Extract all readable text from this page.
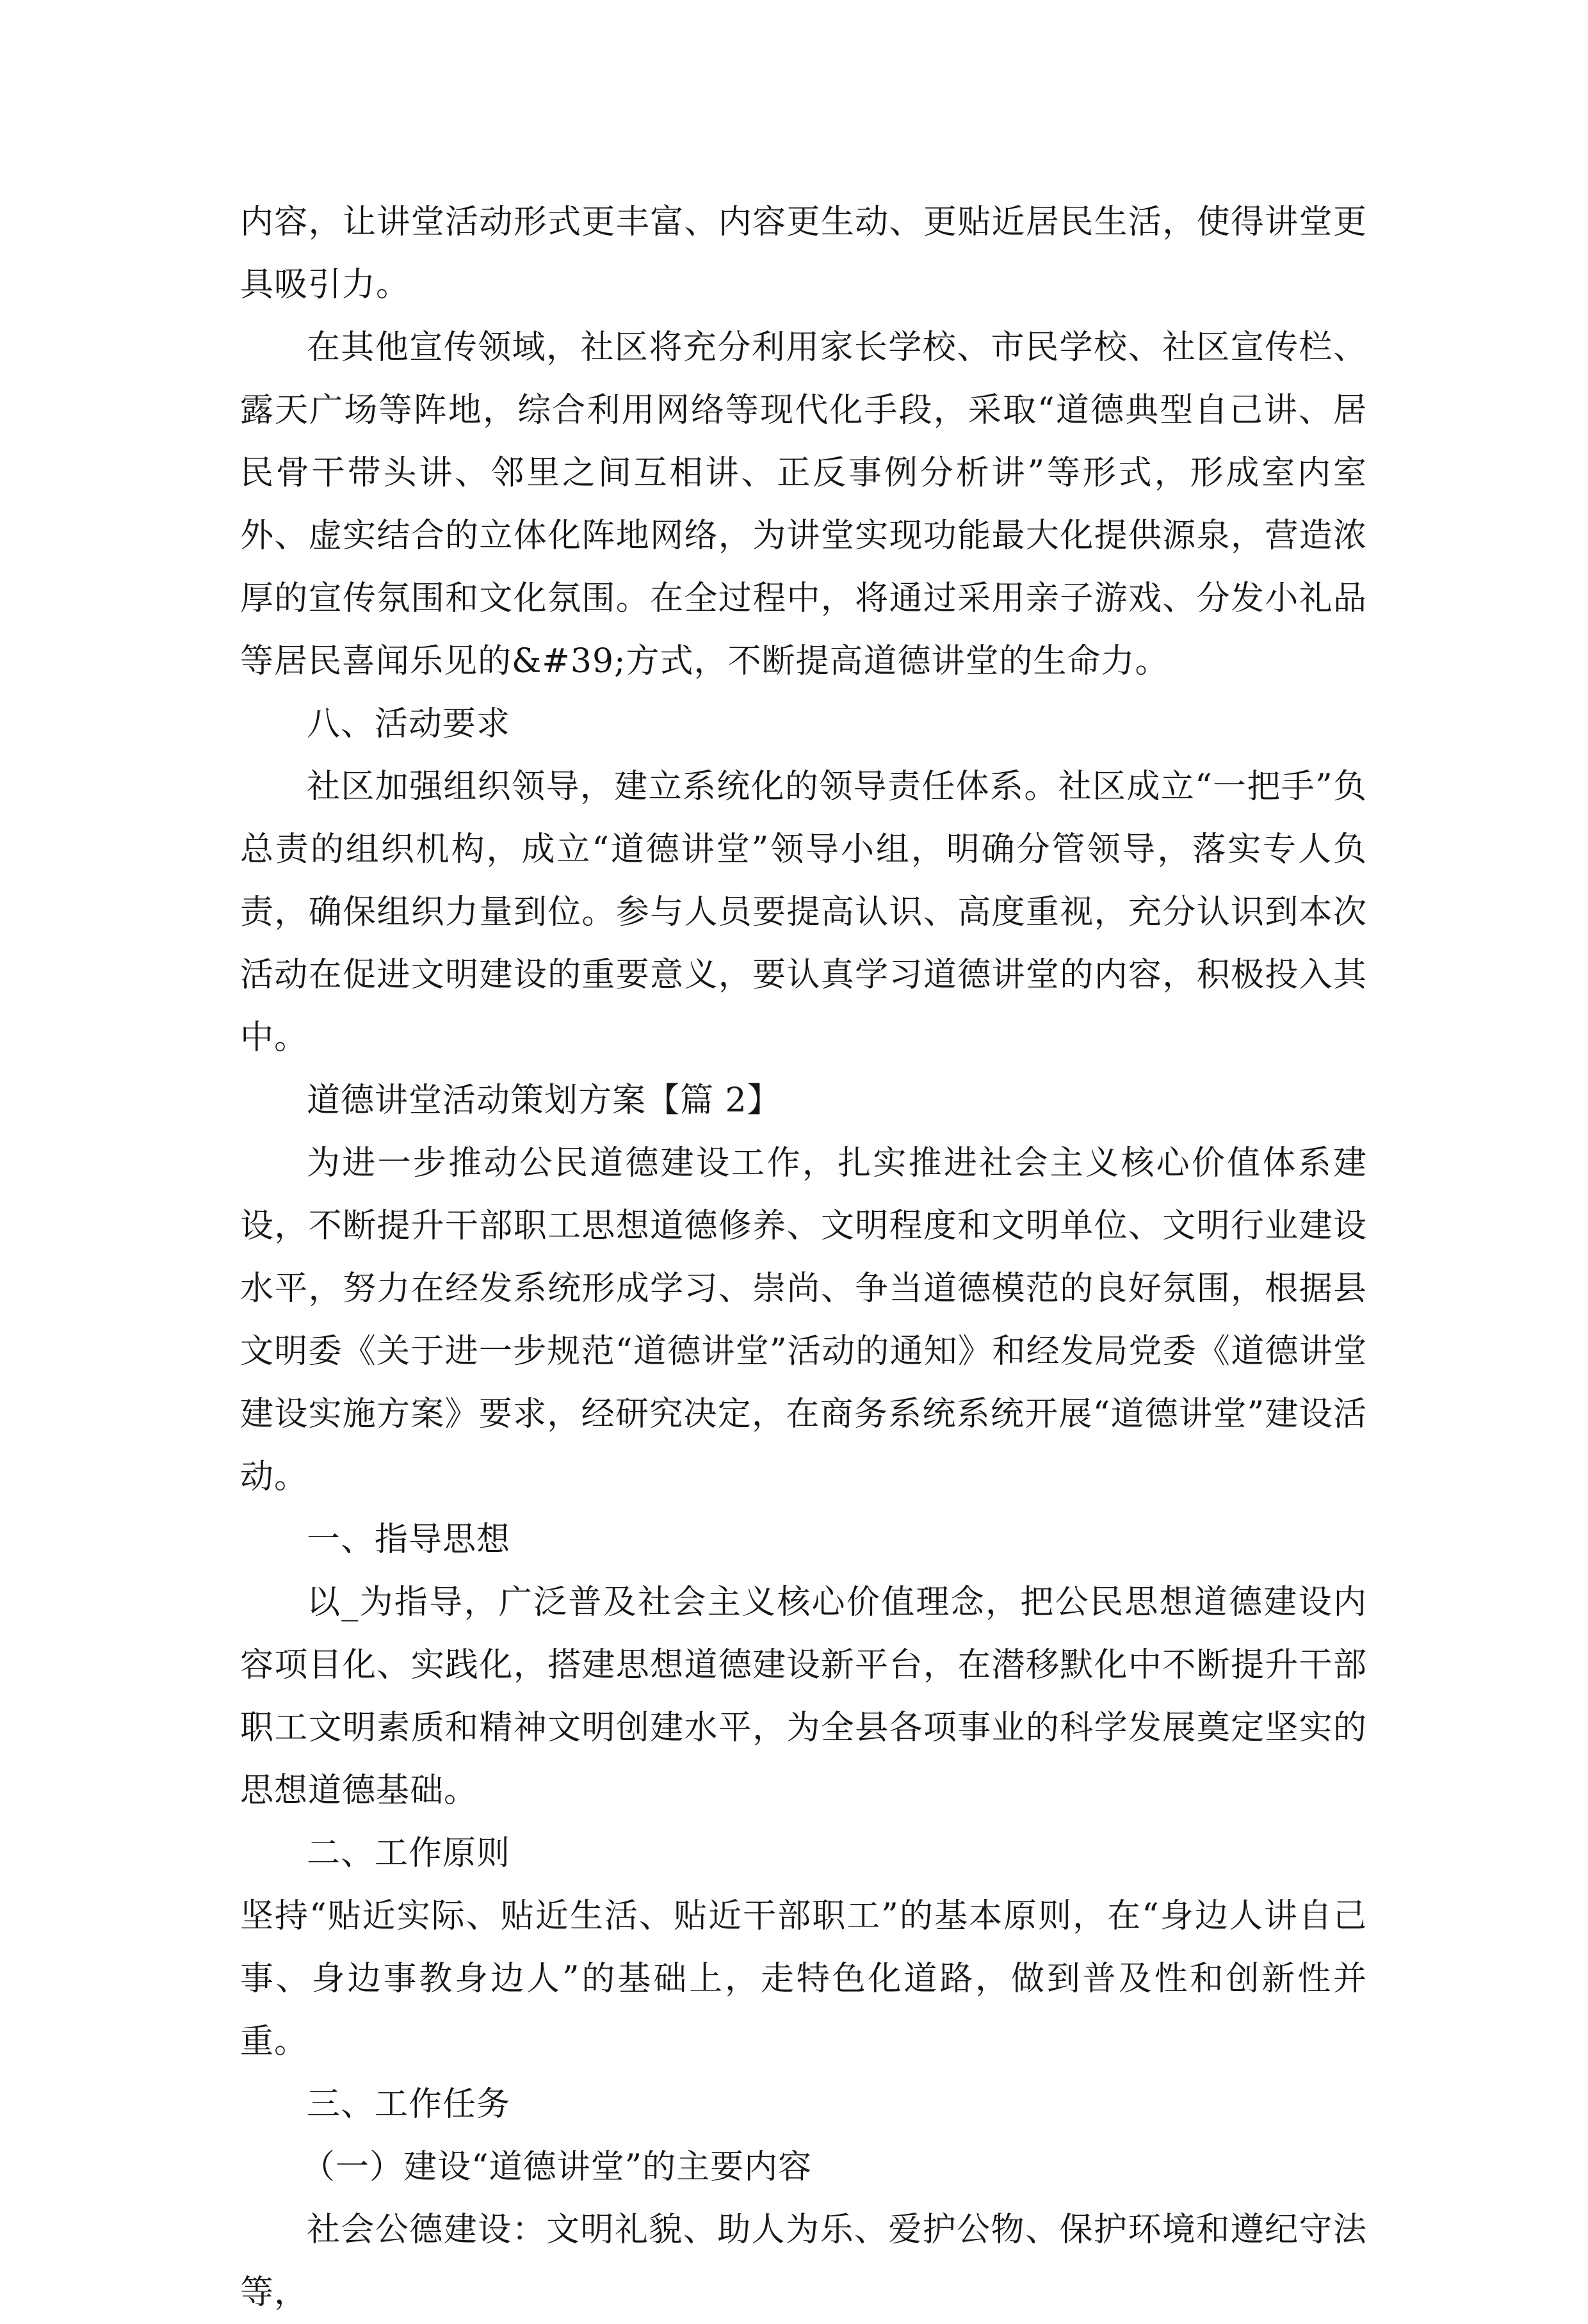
内容，让讲堂活动形式更丰富、内容更生动、更贴近居民生活，使得讲堂更具吸引力。

在其他宣传领域，社区将充分利用家长学校、市民学校、社区宣传栏、露天广场等阵地，综合利用网络等现代化手段，采取“道德典型自己讲、居民骨干带头讲、邻里之间互相讲、正反事例分析讲”等形式，形成室内室外、虚实结合的立体化阵地网络，为讲堂实现功能最大化提供源泉，营造浓厚的宣传氛围和文化氛围。在全过程中，将通过采用亲子游戏、分发小礼品等居民喜闻乐见的&#39;方式，不断提高道德讲堂的生命力。

八、活动要求

社区加强组织领导，建立系统化的领导责任体系。社区成立“一把手”负总责的组织机构，成立“道德讲堂”领导小组，明确分管领导，落实专人负责，确保组织力量到位。参与人员要提高认识、高度重视，充分认识到本次活动在促进文明建设的重要意义，要认真学习道德讲堂的内容，积极投入其中。

道德讲堂活动策划方案【篇 2】

为进一步推动公民道德建设工作，扎实推进社会主义核心价值体系建设，不断提升干部职工思想道德修养、文明程度和文明单位、文明行业建设水平，努力在经发系统形成学习、崇尚、争当道德模范的良好氛围，根据县文明委《关于进一步规范“道德讲堂”活动的通知》和经发局党委《道德讲堂建设实施方案》要求，经研究决定，在商务系统系统开展“道德讲堂”建设活动。

一、指导思想

以_为指导，广泛普及社会主义核心价值理念，把公民思想道德建设内容项目化、实践化，搭建思想道德建设新平台，在潜移默化中不断提升干部职工文明素质和精神文明创建水平，为全县各项事业的科学发展奠定坚实的思想道德基础。

二、工作原则

坚持“贴近实际、贴近生活、贴近干部职工”的基本原则，在“身边人讲自己事、身边事教身边人”的基础上，走特色化道路，做到普及性和创新性并重。

三、工作任务

（一）建设“道德讲堂”的主要内容

社会公德建设：文明礼貌、助人为乐、爱护公物、保护环境和遵纪守法等，
